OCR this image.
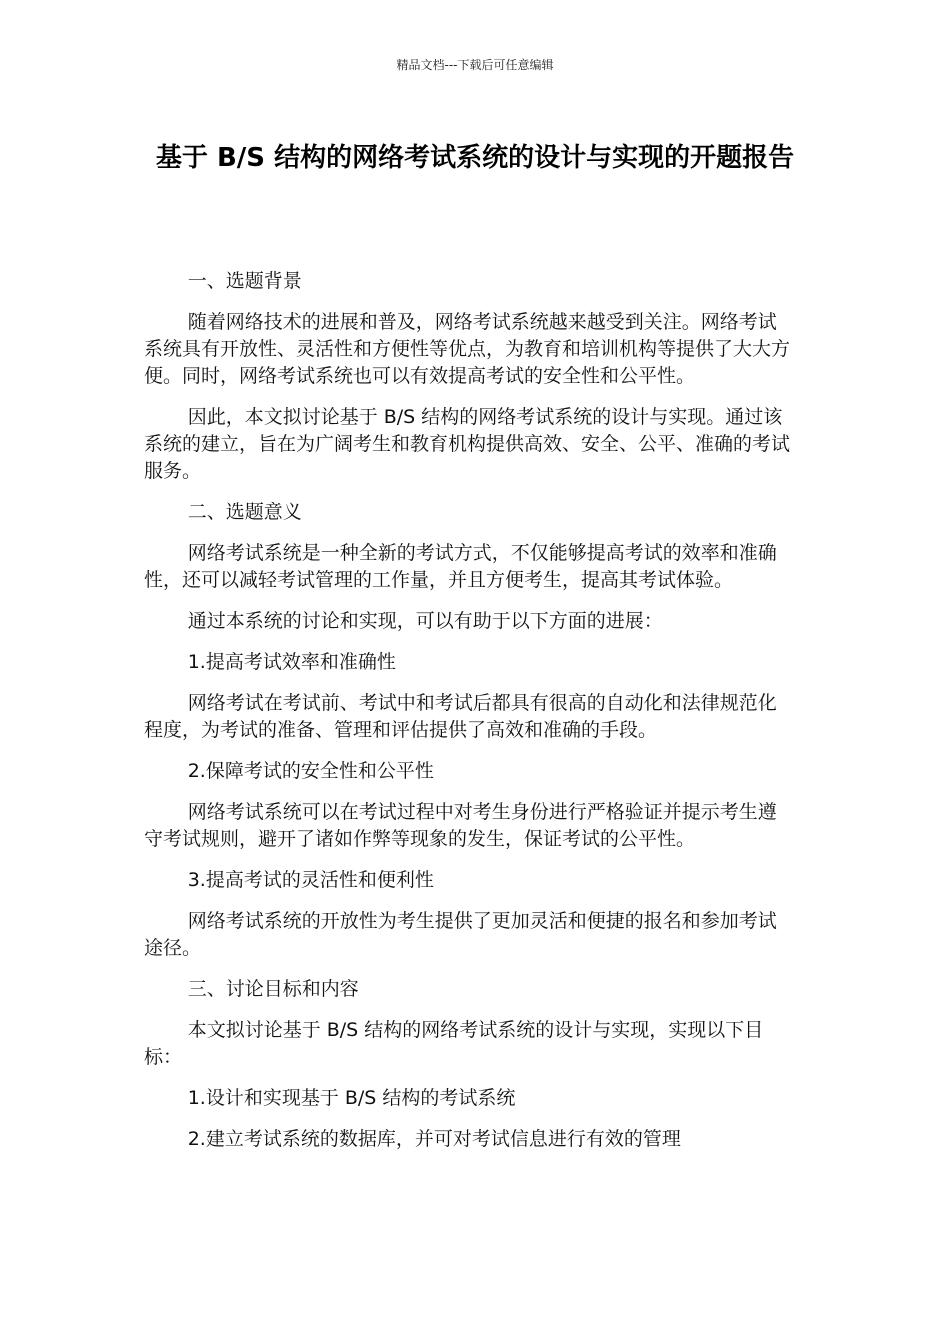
精品文档---下载后可任意编辑
基于 B/S 结构的网络考试系统的设计与实现的开题报告

一、选题背景

随着网络技术的进展和普及，网络考试系统越来越受到关注。网络考试系统具有开放性、灵活性和方便性等优点，为教育和培训机构等提供了大大方便。同时，网络考试系统也可以有效提高考试的安全性和公平性。

因此，本文拟讨论基于 B/S 结构的网络考试系统的设计与实现。通过该系统的建立，旨在为广阔考生和教育机构提供高效、安全、公平、准确的考试服务。

二、选题意义

网络考试系统是一种全新的考试方式，不仅能够提高考试的效率和准确性，还可以减轻考试管理的工作量，并且方便考生，提高其考试体验。

通过本系统的讨论和实现，可以有助于以下方面的进展：

1.提高考试效率和准确性

网络考试在考试前、考试中和考试后都具有很高的自动化和法律规范化程度，为考试的准备、管理和评估提供了高效和准确的手段。

2.保障考试的安全性和公平性

网络考试系统可以在考试过程中对考生身份进行严格验证并提示考生遵守考试规则，避开了诸如作弊等现象的发生，保证考试的公平性。

3.提高考试的灵活性和便利性

网络考试系统的开放性为考生提供了更加灵活和便捷的报名和参加考试途径。

三、讨论目标和内容

本文拟讨论基于 B/S 结构的网络考试系统的设计与实现，实现以下目标：

1.设计和实现基于 B/S 结构的考试系统

2.建立考试系统的数据库，并可对考试信息进行有效的管理
